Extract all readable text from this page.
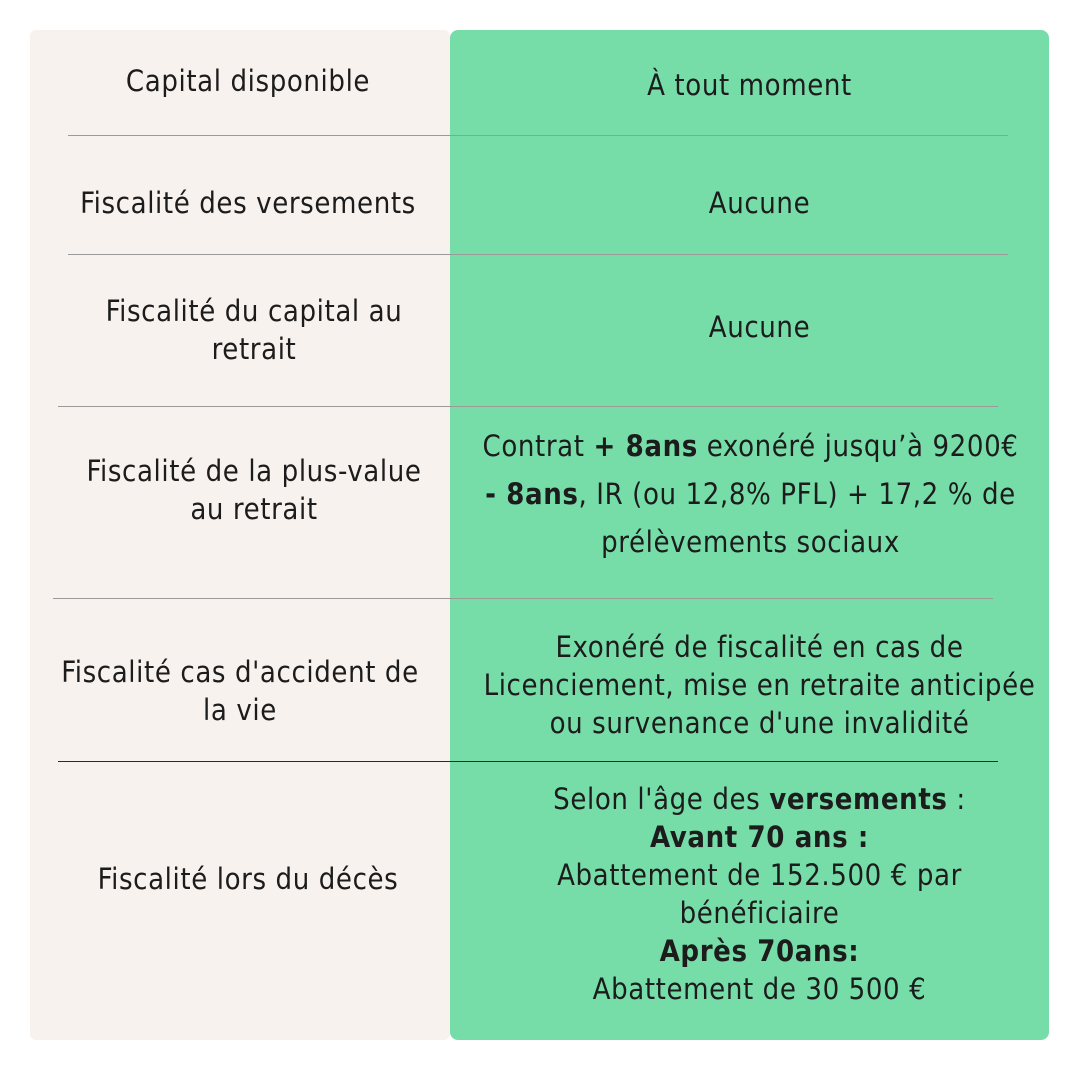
Capital disponible	À tout moment
Fiscalité des versements	Aucune
Fiscalité du capital au
retrait
Aucune
Fiscalité de la plus-value
au retrait
Contrat + 8ans exonéré jusqu’à 9200€
- 8ans, IR (ou 12,8% PFL) + 17,2 % de
prélèvements sociaux
Fiscalité cas d'accident de
la vie
Exonéré de fiscalité en cas de
Licenciement, mise en retraite anticipée
ou survenance d'une invalidité
Fiscalité lors du décès
Selon l'âge des versements :
Avant 70 ans :
Abattement de 152.500 € par
bénéficiaire
Après 70ans:
Abattement de 30 500 €
